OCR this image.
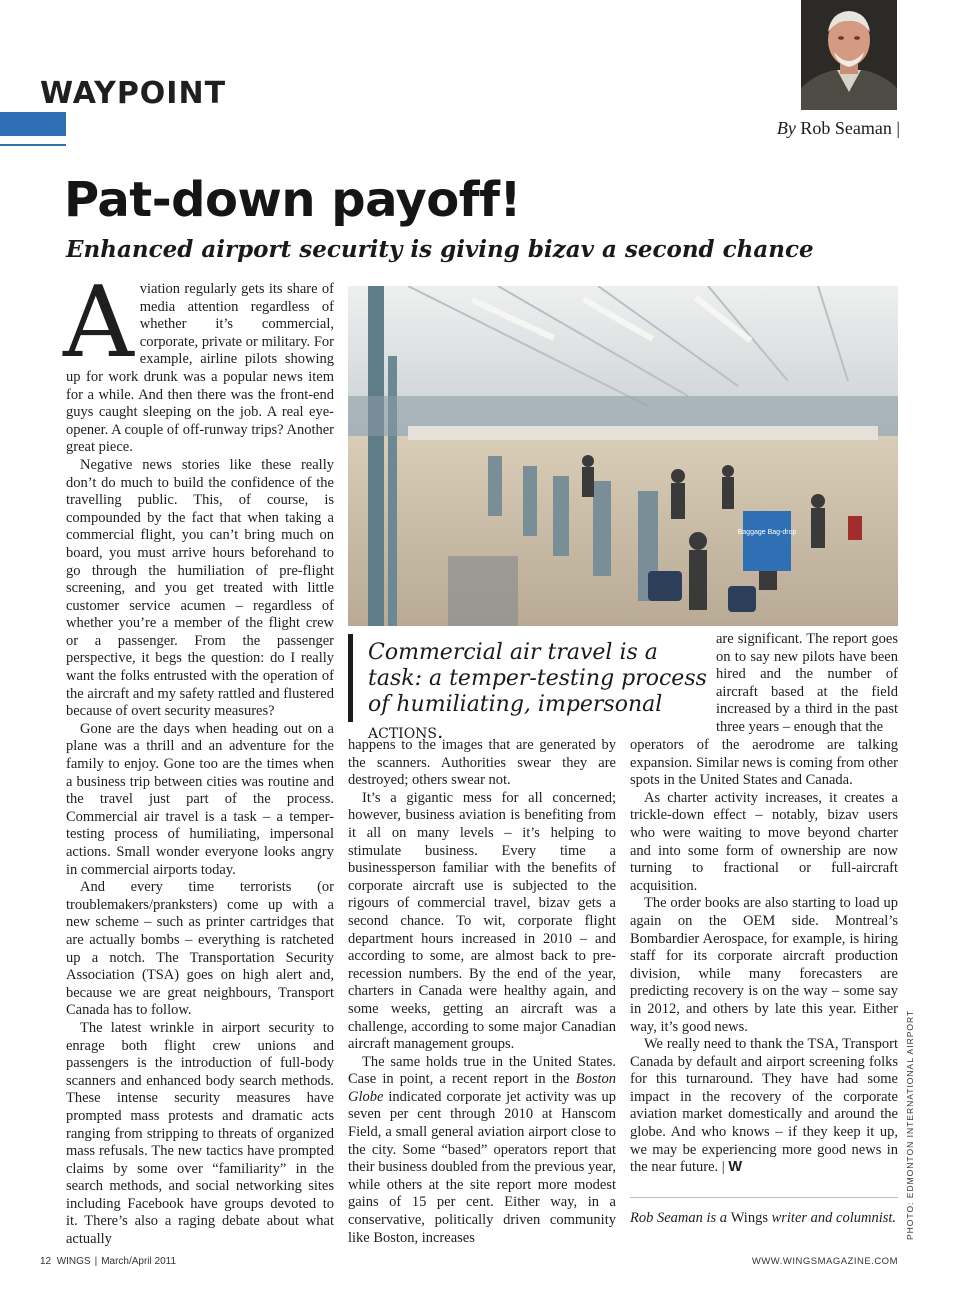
WAYPOINT
By Rob Seaman |
Pat-down payoff!
Enhanced airport security is giving bizav a second chance

Aviation regularly gets its share of media attention regardless of whether it’s commercial, corporate, private or military. For example, airline pilots showing up for work drunk was a popular news item for a while. And then there was the front-end guys caught sleeping on the job. A real eye-opener. A couple of off-runway trips? Another great piece.

Negative news stories like these really don’t do much to build the confidence of the travelling public. This, of course, is compounded by the fact that when taking a commercial flight, you can’t bring much on board, you must arrive hours beforehand to go through the humiliation of pre-flight screening, and you get treated with little customer service acumen – regardless of whether you’re a member of the flight crew or a passenger. From the passenger perspective, it begs the question: do I really want the folks entrusted with the operation of the aircraft and my safety rattled and flustered because of overt security measures?

Gone are the days when heading out on a plane was a thrill and an adventure for the family to enjoy. Gone too are the times when a business trip between cities was routine and the travel just part of the process. Commercial air travel is a task – a temper-testing process of humiliating, impersonal actions. Small wonder everyone looks angry in commercial airports today.

And every time terrorists (or troublemakers/pranksters) come up with a new scheme – such as printer cartridges that are actually bombs – everything is ratcheted up a notch. The Transportation Security Association (TSA) goes on high alert and, because we are great neighbours, Transport Canada has to follow.

The latest wrinkle in airport security to enrage both flight crew unions and passengers is the introduction of full-body scanners and enhanced body search methods. These intense security measures have prompted mass protests and dramatic acts ranging from stripping to threats of organized mass refusals. The new tactics have prompted claims by some over “familiarity” in the search methods, and social networking sites including Facebook have groups devoted to it. There’s also a raging debate about what actually

Baggage Bag-drop
Commercial air travel is a task: a temper-testing process of humiliating, impersonal actions.

happens to the images that are generated by the scanners. Authorities swear they are destroyed; others swear not.

It’s a gigantic mess for all concerned; however, business aviation is benefiting from it all on many levels – it’s helping to stimulate business. Every time a businessperson familiar with the benefits of corporate aircraft use is subjected to the rigours of commercial travel, bizav gets a second chance. To wit, corporate flight department hours increased in 2010 – and according to some, are almost back to pre-recession numbers. By the end of the year, charters in Canada were healthy again, and some weeks, getting an aircraft was a challenge, according to some major Canadian aircraft management groups.

The same holds true in the United States. Case in point, a recent report in the Boston Globe indicated corporate jet activity was up seven per cent through 2010 at Hanscom Field, a small general aviation airport close to the city. Some “based” operators report that their business doubled from the previous year, while others at the site report more modest gains of 15 per cent. Either way, in a conservative, politically driven community like Boston, increases

are significant. The report goes on to say new pilots have been hired and the number of aircraft based at the field increased by a third in the past three years – enough that the

operators of the aerodrome are talking expansion. Similar news is coming from other spots in the United States and Canada.

As charter activity increases, it creates a trickle-down effect – notably, bizav users who were waiting to move beyond charter and into some form of ownership are now turning to fractional or full-aircraft acquisition.

The order books are also starting to load up again on the OEM side. Montreal’s Bombardier Aerospace, for example, is hiring staff for its corporate aircraft production division, while many forecasters are predicting recovery is on the way – some say in 2012, and others by late this year. Either way, it’s good news.

We really need to thank the TSA, Transport Canada by default and airport screening folks for this turnaround. They have had some impact in the recovery of the corporate aviation market domestically and around the globe. And who knows – if they keep it up, we may be experiencing more good news in the near future. | W

Rob Seaman is a Wings writer and columnist. PHOTO: EDMONTON INTERNATIONAL AIRPORT
12 WINGS | March/April 2011	WWW.WINGSMAGAZINE.COM
